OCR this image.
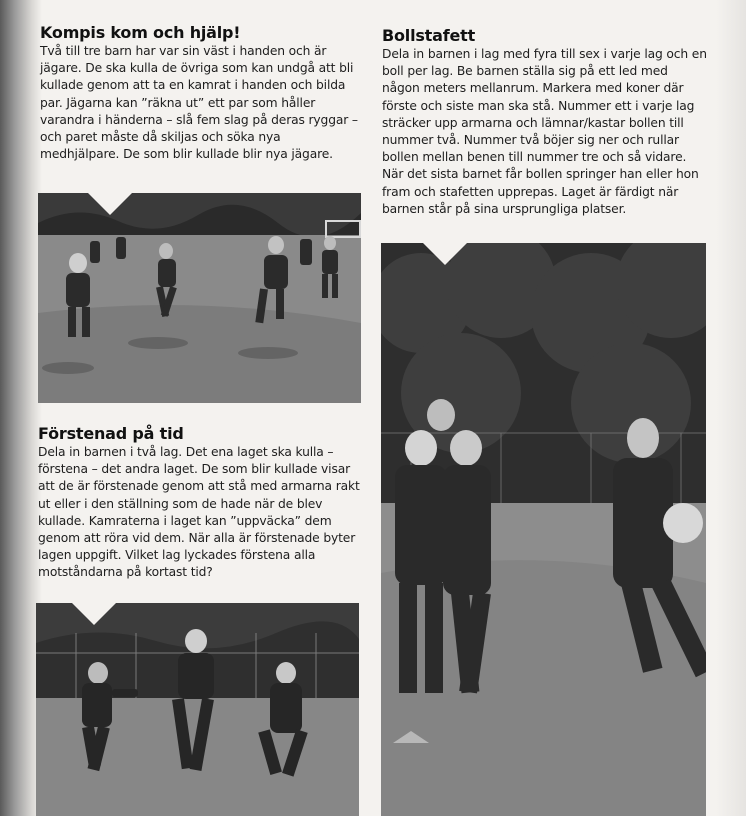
Kompis kom och hjälp!

Två till tre barn har var sin väst i handen och är jägare. De ska kulla de övriga som kan undgå att bli kullade genom att ta en kamrat i handen och bilda par. Jägarna kan ”räkna ut” ett par som håller varandra i händerna – slå fem slag på deras ryggar – och paret måste då skiljas och söka nya medhjälpare. De som blir kullade blir nya jägare.

Förstenad på tid

Dela in barnen i två lag. Det ena laget ska kulla – förstena – det andra laget. De som blir kullade visar att de är förstenade genom att stå med armarna rakt ut eller i den ställning som de hade när de blev kullade. Kamraterna i laget kan ”uppväcka” dem genom att röra vid dem. När alla är förstenade byter lagen uppgift. Vilket lag lyckades förstena alla motståndarna på kortast tid?

Bollstafett

Dela in barnen i lag med fyra till sex i varje lag och en boll per lag. Be barnen ställa sig på ett led med någon meters mellanrum. Markera med koner där förste och siste man ska stå. Nummer ett i varje lag sträcker upp armarna och lämnar/kastar bollen till nummer två. Nummer två böjer sig ner och rullar bollen mellan benen till nummer tre och så vidare. När det sista barnet får bollen springer han eller hon fram och stafetten upprepas. Laget är färdigt när barnen står på sina ursprungliga platser.
